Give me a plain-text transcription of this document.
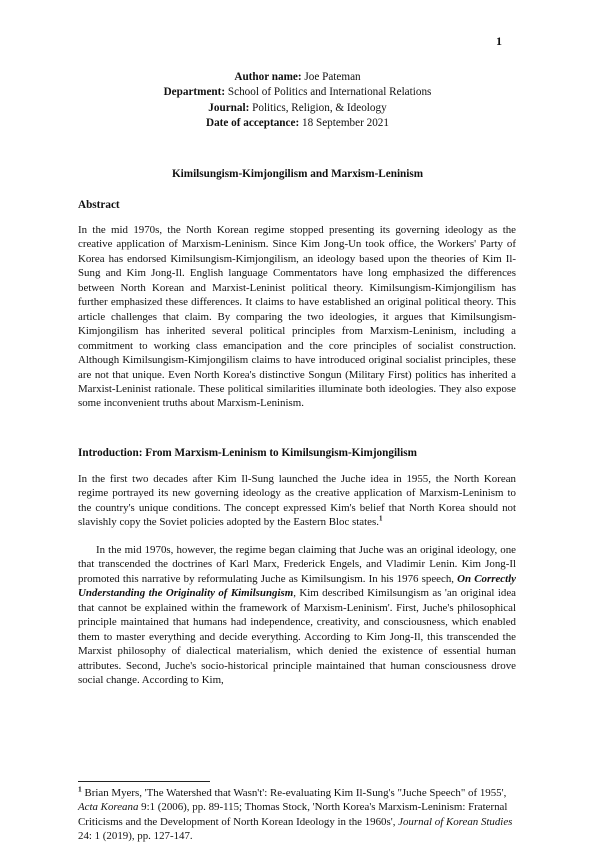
1
Author name: Joe Pateman
Department: School of Politics and International Relations
Journal: Politics, Religion, & Ideology
Date of acceptance: 18 September 2021
Kimilsungism-Kimjongilism and Marxism-Leninism
Abstract

In the mid 1970s, the North Korean regime stopped presenting its governing ideology as the creative application of Marxism-Leninism. Since Kim Jong-Un took office, the Workers' Party of Korea has endorsed Kimilsungism-Kimjongilism, an ideology based upon the theories of Kim Il-Sung and Kim Jong-Il. English language Commentators have long emphasized the differences between North Korean and Marxist-Leninist political theory. Kimilsungism-Kimjongilism has further emphasized these differences. It claims to have established an original political theory. This article challenges that claim. By comparing the two ideologies, it argues that Kimilsungism-Kimjongilism has inherited several political principles from Marxism-Leninism, including a commitment to working class emancipation and the core principles of socialist construction. Although Kimilsungism-Kimjongilism claims to have introduced original socialist principles, these are not that unique. Even North Korea's distinctive Songun (Military First) politics has inherited a Marxist-Leninist rationale. These political similarities illuminate both ideologies. They also expose some inconvenient truths about Marxism-Leninism.

Introduction: From Marxism-Leninism to Kimilsungism-Kimjongilism

In the first two decades after Kim Il-Sung launched the Juche idea in 1955, the North Korean regime portrayed its new governing ideology as the creative application of Marxism-Leninism to the country's unique conditions. The concept expressed Kim's belief that North Korea should not slavishly copy the Soviet policies adopted by the Eastern Bloc states.$^1$

In the mid 1970s, however, the regime began claiming that Juche was an original ideology, one that transcended the doctrines of Karl Marx, Frederick Engels, and Vladimir Lenin. Kim Jong-Il promoted this narrative by reformulating Juche as Kimilsungism. In his 1976 speech, On Correctly Understanding the Originality of Kimilsungism, Kim described Kimilsungism as 'an original idea that cannot be explained within the framework of Marxism-Leninism'. First, Juche's philosophical principle maintained that humans had independence, creativity, and consciousness, which enabled them to master everything and decide everything. According to Kim Jong-Il, this transcended the Marxist philosophy of dialectical materialism, which denied the existence of essential human attributes. Second, Juche's socio-historical principle maintained that human consciousness drove social change. According to Kim,

$^1$ Brian Myers, 'The Watershed that Wasn't': Re-evaluating Kim Il-Sung's "Juche Speech" of 1955', Acta Koreana 9:1 (2006), pp. 89-115; Thomas Stock, 'North Korea's Marxism-Leninism: Fraternal Criticisms and the Development of North Korean Ideology in the 1960s', Journal of Korean Studies 24: 1 (2019), pp. 127-147.
